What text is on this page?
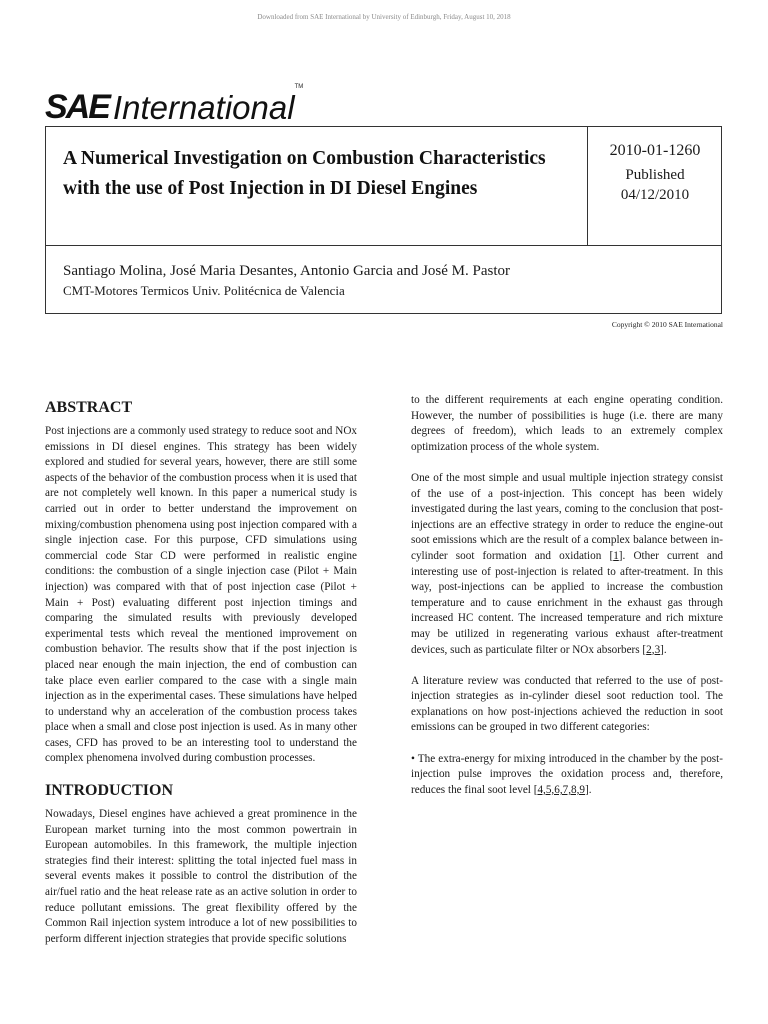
Downloaded from SAE International by University of Edinburgh, Friday, August 10, 2018
SAE International
TM
A Numerical Investigation on Combustion Characteristics with the use of Post Injection in DI Diesel Engines
2010-01-1260
Published
04/12/2010
Santiago Molina, José Maria Desantes, Antonio Garcia and José M. Pastor
CMT-Motores Termicos Univ. Politécnica de Valencia
Copyright © 2010 SAE International
ABSTRACT

Post injections are a commonly used strategy to reduce soot and NOx emissions in DI diesel engines. This strategy has been widely explored and studied for several years, however, there are still some aspects of the behavior of the combustion process when it is used that are not completely well known. In this paper a numerical study is carried out in order to better understand the improvement on mixing/combustion phenomena using post injection compared with a single injection case. For this purpose, CFD simulations using commercial code Star CD were performed in realistic engine conditions: the combustion of a single injection case (Pilot + Main injection) was compared with that of post injection case (Pilot + Main + Post) evaluating different post injection timings and comparing the simulated results with previously developed experimental tests which reveal the mentioned improvement on combustion behavior. The results show that if the post injection is placed near enough the main injection, the end of combustion can take place even earlier compared to the case with a single main injection as in the experimental cases. These simulations have helped to understand why an acceleration of the combustion process takes place when a small and close post injection is used. As in many other cases, CFD has proved to be an interesting tool to understand the complex phenomena involved during combustion processes.

INTRODUCTION

Nowadays, Diesel engines have achieved a great prominence in the European market turning into the most common powertrain in European automobiles. In this framework, the multiple injection strategies find their interest: splitting the total injected fuel mass in several events makes it possible to control the distribution of the air/fuel ratio and the heat release rate as an active solution in order to reduce pollutant emissions. The great flexibility offered by the Common Rail injection system introduce a lot of new possibilities to perform different injection strategies that provide specific solutions

to the different requirements at each engine operating condition. However, the number of possibilities is huge (i.e. there are many degrees of freedom), which leads to an extremely complex optimization process of the whole system.

One of the most simple and usual multiple injection strategy consist of the use of a post-injection. This concept has been widely investigated during the last years, coming to the conclusion that post-injections are an effective strategy in order to reduce the engine-out soot emissions which are the result of a complex balance between in-cylinder soot formation and oxidation [1]. Other current and interesting use of post-injection is related to after-treatment. In this way, post-injections can be applied to increase the combustion temperature and to cause enrichment in the exhaust gas through increased HC content. The increased temperature and rich mixture may be utilized in regenerating various exhaust after-treatment devices, such as particulate filter or NOx absorbers [2,3].

A literature review was conducted that referred to the use of post-injection strategies as in-cylinder diesel soot reduction tool. The explanations on how post-injections achieved the reduction in soot emissions can be grouped in two different categories:

• The extra-energy for mixing introduced in the chamber by the post-injection pulse improves the oxidation process and, therefore, reduces the final soot level [4,5,6,7,8,9].
